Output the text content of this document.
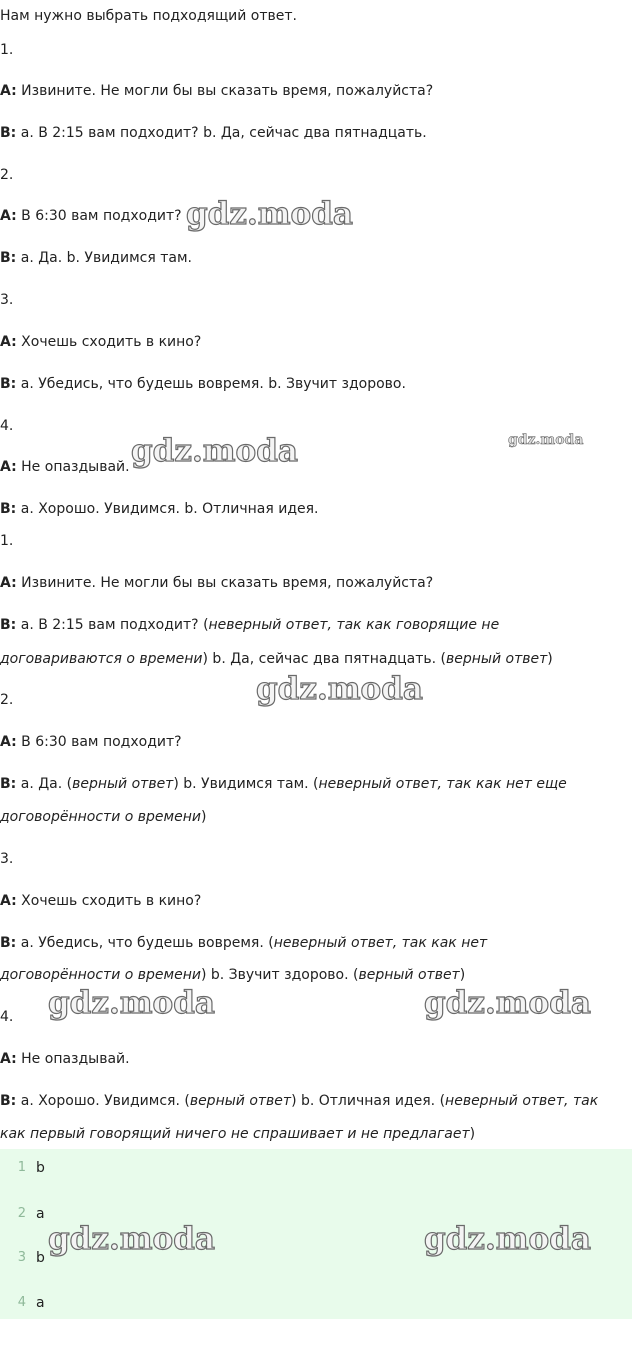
Нам нужно выбрать подходящий ответ.
1.
A: Извините. Не могли бы вы сказать время, пожалуйста?
B: a. В 2:15 вам подходит? b. Да, сейчас два пятнадцать.
2.
A: В 6:30 вам подходит?
B: a. Да. b. Увидимся там.
3.
A: Хочешь сходить в кино?
B: a. Убедись, что будешь вовремя. b. Звучит здорово.
4.
A: Не опаздывай.
B: a. Хорошо. Увидимся. b. Отличная идея.
1.
A: Извините. Не могли бы вы сказать время, пожалуйста?
B: a. В 2:15 вам подходит? (неверный ответ, так как говорящие не
договариваются о времени) b. Да, сейчас два пятнадцать. (верный ответ)
2.
A: В 6:30 вам подходит?
B: a. Да. (верный ответ) b. Увидимся там. (неверный ответ, так как нет еще
договорённости о времени)
3.
A: Хочешь сходить в кино?
B: a. Убедись, что будешь вовремя. (неверный ответ, так как нет
договорённости о времени) b. Звучит здорово. (верный ответ)
4.
A: Не опаздывай.
B: a. Хорошо. Увидимся. (верный ответ) b. Отличная идея. (неверный ответ, так
как первый говорящий ничего не спрашивает и не предлагает)
1 b
2 a
3 b
4 a
gdz.moda
gdz.moda	gdz.moda
gdz.moda
gdz.moda	gdz.moda
gdz.moda	gdz.moda
